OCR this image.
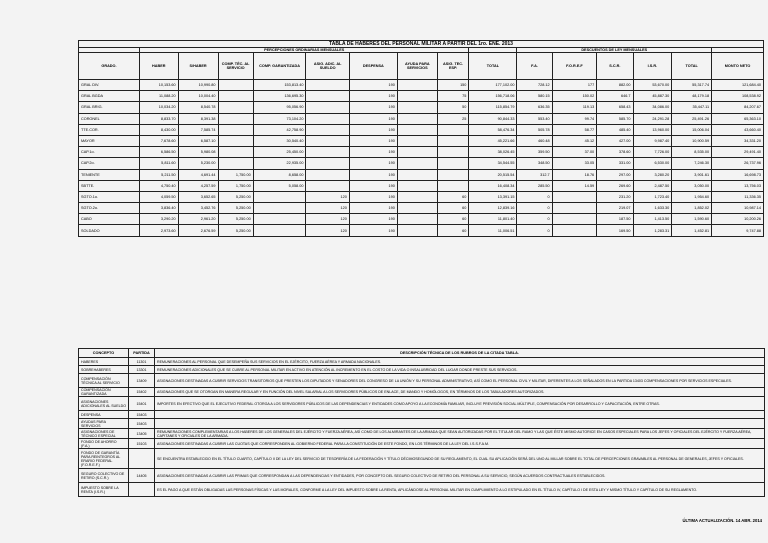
TABLA DE HABERES DEL PERSONAL MILITAR A PARTIR DEL 1ro. ENE. 2013															
	PERCEPCIONES ORDINARIAS MENSUALES									DESCUENTOS DE LEY MENSUALES					
GRADO.	HABER	S/HABER	COMP. TÉC. AL SERVICIO	COMP. GARANTIZADA	ASIG. ADIC. AL SUELDO	DESPENSA	AYUDA PARA SERVICIOS	ASIG. TEC. ESP.	TOTAL	F.A.	F.O.R.E.F	S.C.R.	I.S.R.	TOTAL	MONTO NETO
GRAL DIV.	10,153.60	10,990.80		153,813.40		190		150	177,102.00	728.12	177	882.00	53,670.00	55,317.74	121,684.40
GRAL BGDA	11,088.20	10,004.40		136,695.30		190		75	156,718.06	580.15	150.02	646.7	45,887.30	48,179.18	108,538.92
GRAL BRIG.	10,034.20	8,540.78		95,056.90		190		50	115,854.79	636.35	119.13	658.43	34,086.00	35,447.11	84,207.67
CORONEL	8,833.70	8,391.38		73,104.20		190		25	90,844.33	553.40	99.74	585.70	24,291.28	25,491.26	65,363.10
TTE.COR.	8,430.00	7,585.74		42,758.90		190			58,476.34	505.78	58.77	485.40	13,960.00	15,006.04	43,660.40
MAYOR	7,678.60	6,587.10		30,540.40		190			45,221.66	460.48	45.12	427.00	9,987.40	10,900.59	34,331.20
CAP.1o.	6,586.50	5,980.08		25,450.00		190			38,026.45	359.50	37.00	378.60	7,726.00	8,535.00	29,491.40
CAP.2o.	5,811.60	5,230.00		22,935.00		190			34,544.55	348.50	33.05	331.00	6,530.00	7,246.30	26,737.96
TENIENTE	5,211.50	4,691.44	1,750.00	8,658.00		190			20,515.54	312.7	18.76	297.00	3,280.20	3,901.61	16,698.73
SBTTE.	4,750.40	4,257.59	1,750.00	5,058.00		190			16,408.34	285.50	14.59	269.60	2,487.50	3,050.00	13,756.03
SGTO.1o.	4,059.50	3,652.65	5,250.00		120	190		60	13,391.15	0		231.20	1,723.40	1,954.60	11,336.35
SGTO.2o.	3,836.40	3,452.76	5,250.00		120	190		60	12,839.16	0		219.07	1,633.30	1,852.02	10,987.14
CABO	3,290.20	2,961.20	5,250.00		120	190		60	11,801.40	0		187.50	1,413.50	1,590.60	10,200.26
SOLDADO	2,973.60	2,676.59	5,250.00		120	190		60	11,006.51	0		169.50	1,283.31	1,452.81	9,747.88
CONCEPTO	PARTIDA	DESCRIPCIÓN TÉCNICA DE LOS RUBROS DE LA CITADA TABLA.
HABERES	11301	REMUNERACIONES AL PERSONAL QUE DESEMPEÑA SUS SERVICIOS EN EL EJÉRCITO, FUERZA AÉREA Y ARMADA NACIONALES.
SOBREHABERES	13301	REMUNERACIONES ADICIONALES QUE SE CUBRE AL PERSONAL MILITAR EN ACTIVO EN ATENCIÓN AL INCREMENTO EN EL COSTO DE LA VIDA O INSALUBRIDAD DEL LUGAR DONDE PRESTE SUS SERVICIOS.
COMPENSACIÓN TÉCNICA AL SERVICIO	13409	ASIGNACIONES DESTINADAS A CUBRIR SERVICIOS TRANSITORIOS QUE PRESTEN LOS DIPUTADOS Y SENADORES DEL CONGRESO DE LA UNIÓN Y SU PERSONAL ADMINISTRATIVO, ASÍ COMO EL PERSONAL CIVIL Y MILITAR, DIFERENTES A LOS SEÑALADOS EN LA PARTIDA 13403 COMPENSACIONES POR SERVICIOS ESPECIALES.
COMPENSACIÓN GARANTIZADA	15402	ASIGNACIONES QUE SE OTORGAN EN MANERA REGULAR Y EN FUNCIÓN DEL NIVEL SALARIAL A LOS SERVIDORES PÚBLICOS DE ENLACE, DE MANDO Y HOMÓLOGOS, EN TÉRMINOS DE LOS TABULADORES AUTORIZADOS.
ASIGNACIONES ADICIONALES AL SUELDO	15401	IMPORTES EN EFECTIVO QUE EL EJECUTIVO FEDERAL OTORGA A LOS SERVIDORES PÚBLICOS DE LAS DEPENDENCIAS Y ENTIDADES COMO APOYO A LA ECONOMÍA FAMILIAR, INCLUYE PREVISIÓN SOCIAL MÚLTIPLE, COMPENSACIÓN POR DESARROLLO Y CAPACITACIÓN, ENTRE OTRAS.
DESPENSA	15403	
AYUDAS PARA SERVICIOS	15403	
ASIGNACIONES DE TÉCNICO ESPECIAL	13405	REMUNERACIONES COMPLEMENTARIAS A LOS HABERES DE LOS GENERALES DEL EJÉRCITO Y FUERZA AÉREA, ASÍ COMO DE LOS ALMIRANTES DE LA ARMADA QUE SEAN AUTORIZADAS POR EL TITULAR DEL RAMO Y LAS QUE ÉSTE MISMO AUTORICE EN CASOS ESPECIALES PARA LOS JEFES Y OFICIALES DEL EJÉRCITO Y FUERZA AÉREA, CAPITANES Y OFICIALES DE LA ARMADA.
FONDO DE AHORRO (F.A.)	15103	ASIGNACIONES DESTINADAS A CUBRIR LAS CUOTAS QUE CORRESPONDEN AL GOBIERNO FEDERAL PARA LA CONSTITUCIÓN DE ESTE FONDO, EN LOS TÉRMINOS DE LA LEY DEL I.S.S.F.A.M.
FONDO DE GARANTÍA PARA REINTEGROS AL ERARIO FEDERAL (F.O.R.E.F.)		SE ENCUENTRA ESTABLECIDO EN EL TÍTULO CUARTO, CAPÍTULO II DE LA LEY DEL SERVICIO DE TESORERÍA DE LA FEDERACIÓN Y TÍTULO DÉCIMOSEGUNDO DE SU REGLAMENTO, EL CUAL SU APLICACIÓN SERÁ DEL UNO AL MILLAR SOBRE EL TOTAL DE PERCEPCIONES GRAVABLES AL PERSONAL DE GENERALES, JEFES Y OFICIALES.
SEGURO COLECTIVO DE RETIRO (S.C.R.)	14405	ASIGNACIONES DESTINADAS A CUBRIR LAS PRIMAS QUE CORRESPONDAN A LAS DEPENDENCIAS Y ENTIDADES, POR CONCEPTO DEL SEGURO COLECTIVO DE RETIRO DEL PERSONAL A SU SERVICIO, SEGÚN ACUERDOS CONTRACTUALES ESTABLECIDOS.
IMPUESTO SOBRE LA RENTA (I.S.R.)		ES EL PAGO A QUE ESTÁN OBLIGADAS LAS PERSONAS FÍSICAS Y LAS MORALES, CONFORME A LA LEY DEL IMPUESTO SOBRE LA RENTA, APLICÁNDOSE AL PERSONAL MILITAR EN CUMPLIMIENTO A LO ESTIPULADO EN EL TÍTULO IV, CAPÍTULO I DE ESTA LEY Y MISMO TÍTULO Y CAPÍTULO DE SU REGLAMENTO.
ÚLTIMA ACTUALIZACIÓN. 14 ABR. 2014
